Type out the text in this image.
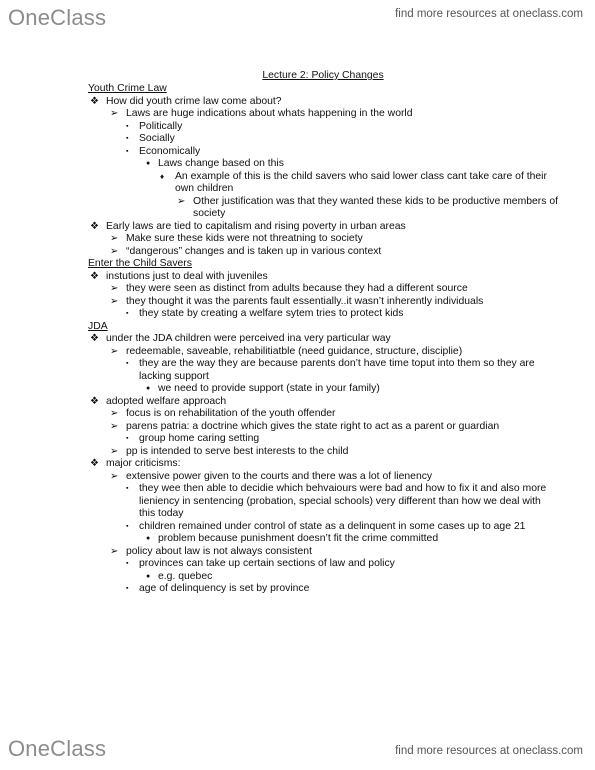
OneClass	find more resources at oneclass.com
Lecture 2: Policy Changes
Youth Crime Law
❖ How did youth crime law come about?
➢ Laws are huge indications about whats happening in the world
▪ Politically
▪ Socially
▪ Economically
● Laws change based on this
♦ An example of this is the child savers who said lower class cant take care of their own children
➢ Other justification was that they wanted these kids to be productive members of society
❖ Early laws are tied to capitalism and rising poverty in urban areas
➢ Make sure these kids were not threatning to society
➢ “dangerous” changes and is taken up in various context
Enter the Child Savers
❖ instutions just to deal with juveniles
➢ they were seen as distinct from adults because they had a different source
➢ they thought it was the parents fault essentially..it wasn’t inherently individuals
▪ they state by creating a welfare sytem tries to protect kids
JDA
❖ under the JDA children were perceived ina very particular way
➢ redeemable, saveable, rehabilitiatble (need guidance, structure, disciplie)
▪ they are the way they are because parents don’t have time toput into them so they are lacking support
● we need to provide support (state in your family)
❖ adopted welfare approach
➢ focus is on rehabilitation of the youth offender
➢ parens patria: a doctrine which gives the state right to act as a parent or guardian
▪ group home caring setting
➢ pp is intended to serve best interests to the child
❖ major criticisms:
➢ extensive power given to the courts and there was a lot of lienency
▪ they wee then able to decidie which behvaiours were bad and how to fix it and also more lieniency in sentencing (probation, special schools) very different than how we deal with this today
▪ children remained under control of state as a delinquent in some cases up to age 21
● problem because punishment doesn’t fit the crime committed
➢ policy about law is not always consistent
▪ provinces can take up certain sections of law and policy
● e.g. quebec
▪ age of delinquency is set by province
OneClass	find more resources at oneclass.com
